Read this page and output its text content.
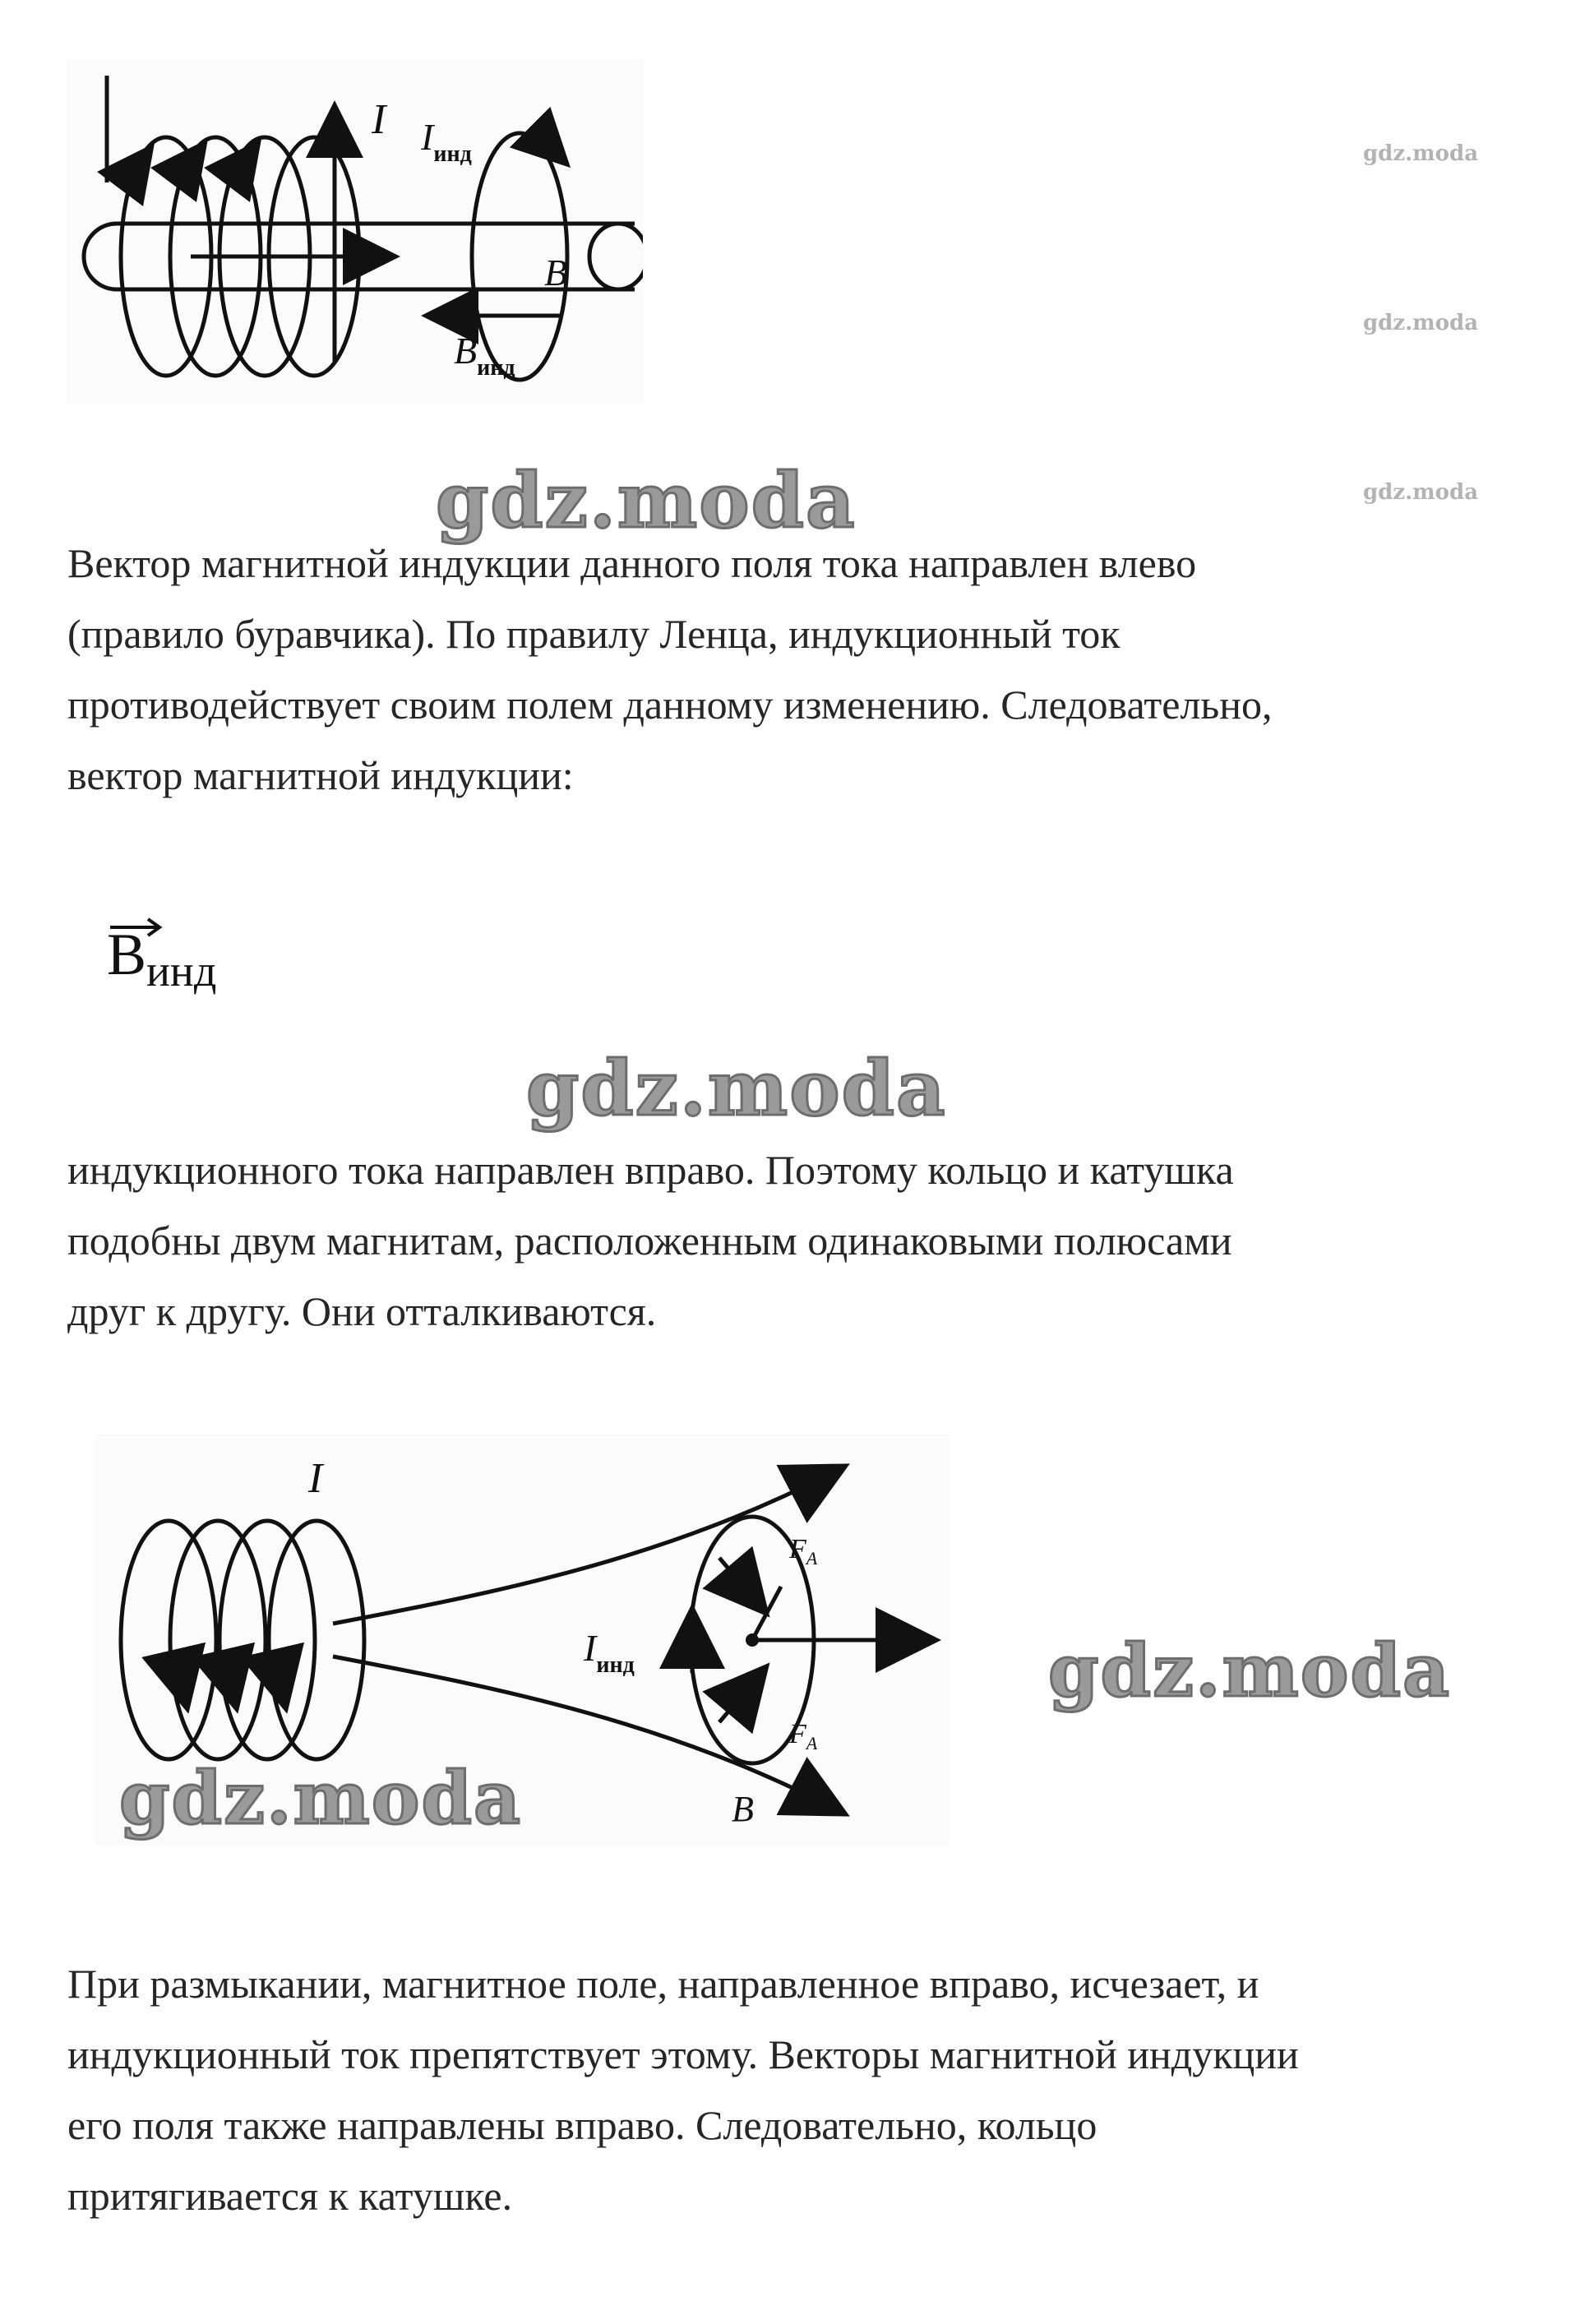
I $I_{инд}$
B
$B_{инд}$
gdz.moda
gdz.moda
gdz.moda
gdz.moda
Вектор магнитной индукции данного поля тока направлен влево
(правило буравчика). По правилу Ленца, индукционный ток
противодействует своим полем данному изменению. Следовательно,
вектор магнитной индукции:
Bинд
gdz.moda
индукционного тока направлен вправо. Поэтому кольцо и катушка
подобны двум магнитам, расположенным одинаковыми полюсами
друг к другу. Они отталкиваются.
I
$I_{инд}$
$F_A$
$F_A$
B
gdz.moda
gdz.moda
При размыкании, магнитное поле, направленное вправо, исчезает, и
индукционный ток препятствует этому. Векторы магнитной индукции
его поля также направлены вправо. Следовательно, кольцо
притягивается к катушке.
